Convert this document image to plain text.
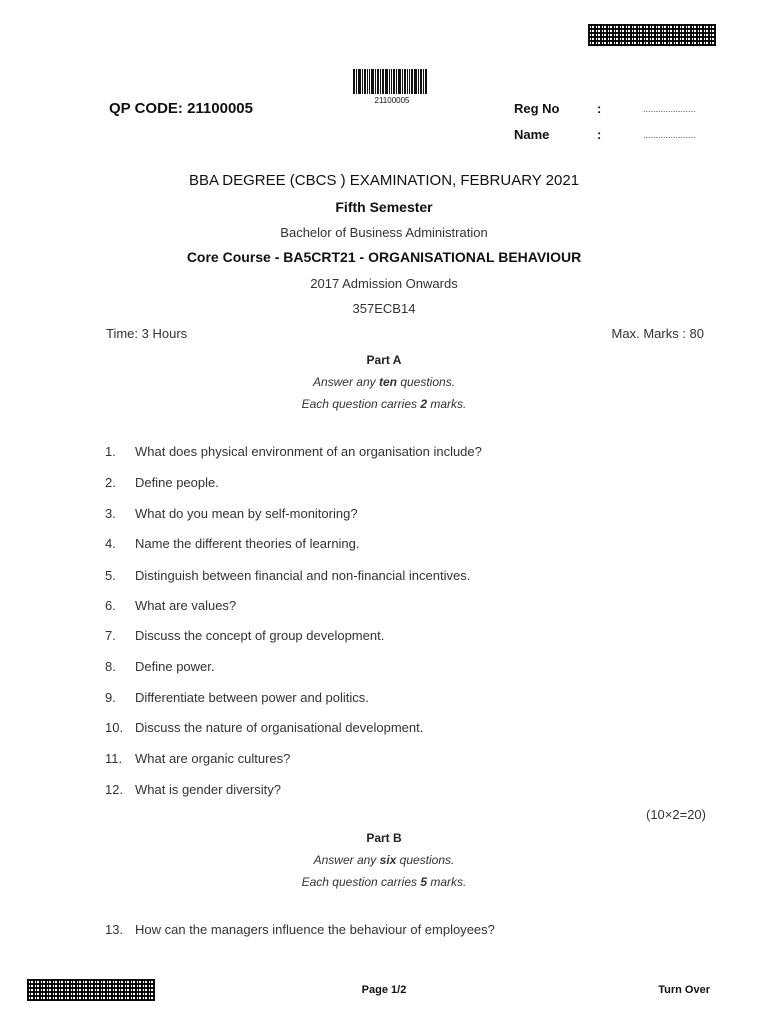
21100005
QP CODE: 21100005	Reg No	:	.....................
Name	:	.....................
BBA DEGREE (CBCS ) EXAMINATION, FEBRUARY 2021
Fifth Semester
Bachelor of Business Administration
Core Course - BA5CRT21 - ORGANISATIONAL BEHAVIOUR
2017 Admission Onwards
357ECB14
Time: 3 Hours	Max. Marks : 80
Part A
Answer any ten questions.
Each question carries 2 marks.
1.	What does physical environment of an organisation include?
2.	Define people.
3.	What do you mean by self-monitoring?
4.	Name the different theories of learning.
5.	Distinguish between financial and non-financial incentives.
6.	What are values?
7.	Discuss the concept of group development.
8.	Define power.
9.	Differentiate between power and politics.
10. Discuss the nature of organisational development.
11. What are organic cultures?
12. What is gender diversity?
(10×2=20)
Part B
Answer any six questions.
Each question carries 5 marks.
13. How can the managers influence the behaviour of employees?
Page 1/2	Turn Over
